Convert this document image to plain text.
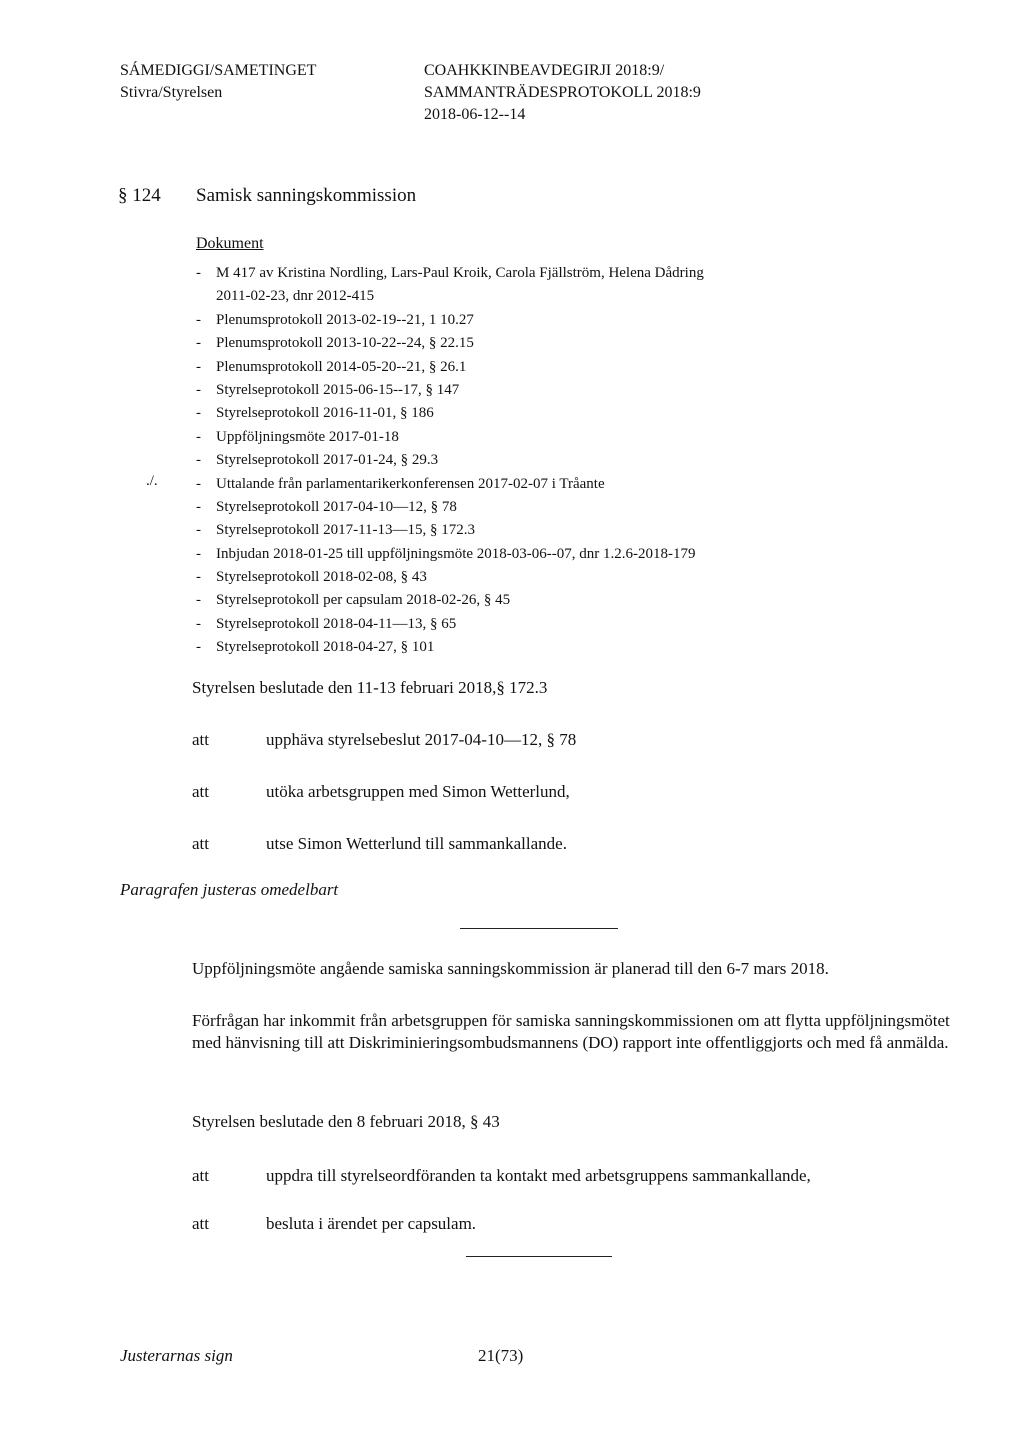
SÁMEDIGGI/SAMETINGET
Stivra/Styrelsen
COAHKKINBEAVDEGIRJI 2018:9/
SAMMANTRÄDESPROTOKOLL 2018:9
2018-06-12--14
§ 124 Samisk sanningskommission
Dokument
./.
- M 417 av Kristina Nordling, Lars-Paul Kroik, Carola Fjällström, Helena Dådring
2011-02-23, dnr 2012-415
- Plenumsprotokoll 2013-02-19--21, 1 10.27
- Plenumsprotokoll 2013-10-22--24, § 22.15
- Plenumsprotokoll 2014-05-20--21, § 26.1
- Styrelseprotokoll 2015-06-15--17, § 147
- Styrelseprotokoll 2016-11-01, § 186
- Uppföljningsmöte 2017-01-18
- Styrelseprotokoll 2017-01-24, § 29.3
- Uttalande från parlamentarikerkonferensen 2017-02-07 i Tråante
- Styrelseprotokoll 2017-04-10—12, § 78
- Styrelseprotokoll 2017-11-13—15, § 172.3
- Inbjudan 2018-01-25 till uppföljningsmöte 2018-03-06--07, dnr 1.2.6-2018-179
- Styrelseprotokoll 2018-02-08, § 43
- Styrelseprotokoll per capsulam 2018-02-26, § 45
- Styrelseprotokoll 2018-04-11—13, § 65
- Styrelseprotokoll 2018-04-27, § 101
Styrelsen beslutade den 11-13 februari 2018,§ 172.3
att	upphäva styrelsebeslut 2017-04-10—12, § 78
att	utöka arbetsgruppen med Simon Wetterlund,
att	utse Simon Wetterlund till sammankallande.
Paragrafen justeras omedelbart
Uppföljningsmöte angående samiska sanningskommission är planerad till den 6-7 mars 2018.
Förfrågan har inkommit från arbetsgruppen för samiska sanningskommissionen om att flytta uppföljningsmötet med hänvisning till att Diskriminieringsombudsmannens (DO) rapport inte offentliggjorts och med få anmälda.
Styrelsen beslutade den 8 februari 2018, § 43
att	uppdra till styrelseordföranden ta kontakt med arbetsgruppens sammankallande,
att	besluta i ärendet per capsulam.
Justerarnas sign	21(73)
